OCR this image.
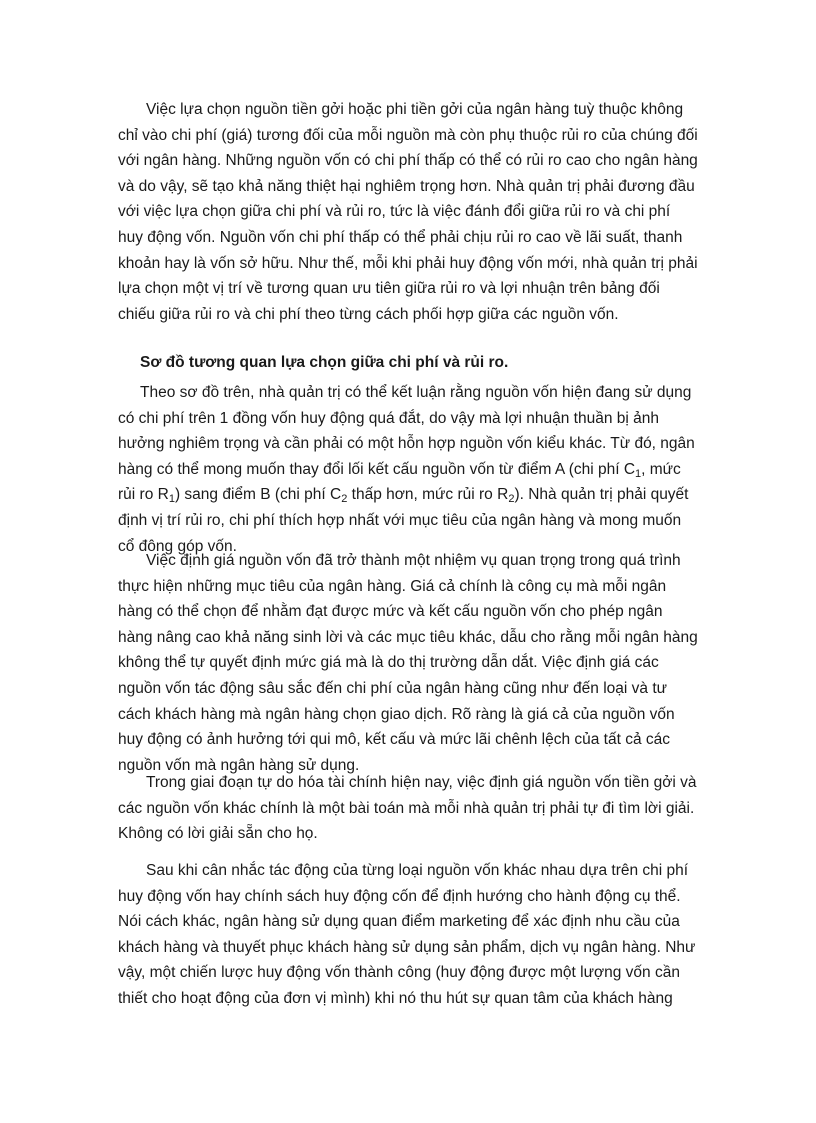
Việc lựa chọn nguồn tiền gởi hoặc phi tiền gởi của ngân hàng tuỳ thuộc không chỉ vào chi phí (giá) tương đối của mỗi nguồn mà còn phụ thuộc rủi ro của chúng đối với ngân hàng. Những nguồn vốn có chi phí thấp có thể có rủi ro cao cho ngân hàng và do vậy, sẽ tạo khả năng thiệt hại nghiêm trọng hơn. Nhà quản trị phải đương đầu với việc lựa chọn giữa chi phí và rủi ro, tức là việc đánh đổi giữa rủi ro và chi phí huy động vốn. Nguồn vốn chi phí thấp có thể phải chịu rủi ro cao về lãi suất, thanh khoản hay là vốn sở hữu. Như thế, mỗi khi phải huy động vốn mới, nhà quản trị phải lựa chọn một vị trí về tương quan ưu tiên giữa rủi ro và lợi nhuận trên bảng đối chiếu giữa rủi ro và chi phí theo từng cách phối hợp giữa các nguồn vốn.

Sơ đồ tương quan lựa chọn giữa chi phí và rủi ro.

Theo sơ đồ trên, nhà quản trị có thể kết luận rằng nguồn vốn hiện đang sử dụng có chi phí trên 1 đồng vốn huy động quá đắt, do vậy mà lợi nhuận thuần bị ảnh hưởng nghiêm trọng và cần phải có một hỗn hợp nguồn vốn kiểu khác. Từ đó, ngân hàng có thể mong muốn thay đổi lối kết cấu nguồn vốn từ điểm A (chi phí $C_1$, mức rủi ro $R_1$) sang điểm B (chi phí $C_2$ thấp hơn, mức rủi ro $R_2$). Nhà quản trị phải quyết định vị trí rủi ro, chi phí thích hợp nhất với mục tiêu của ngân hàng và mong muốn cổ đông góp vốn.

Việc định giá nguồn vốn đã trở thành một nhiệm vụ quan trọng trong quá trình thực hiện những mục tiêu của ngân hàng. Giá cả chính là công cụ mà mỗi ngân hàng có thể chọn để nhằm đạt được mức và kết cấu nguồn vốn cho phép ngân hàng nâng cao khả năng sinh lời và các mục tiêu khác, dẫu cho rằng mỗi ngân hàng không thể tự quyết định mức giá mà là do thị trường dẫn dắt. Việc định giá các nguồn vốn tác động sâu sắc đến chi phí của ngân hàng cũng như đến loại và tư cách khách hàng mà ngân hàng chọn giao dịch. Rõ ràng là giá cả của nguồn vốn huy động có ảnh hưởng tới qui mô, kết cấu và mức lãi chênh lệch của tất cả các nguồn vốn mà ngân hàng sử dụng.

Trong giai đoạn tự do hóa tài chính hiện nay, việc định giá nguồn vốn tiền gởi và các nguồn vốn khác chính là một bài toán mà mỗi nhà quản trị phải tự đi tìm lời giải. Không có lời giải sẵn cho họ.

Sau khi cân nhắc tác động của từng loại nguồn vốn khác nhau dựa trên chi phí huy động vốn hay chính sách huy động cốn để định hướng cho hành động cụ thể. Nói cách khác, ngân hàng sử dụng quan điểm marketing để xác định nhu cầu của khách hàng và thuyết phục khách hàng sử dụng sản phẩm, dịch vụ ngân hàng. Như vậy, một chiến lược huy động vốn thành công (huy động được một lượng vốn cần thiết cho hoạt động của đơn vị mình) khi nó thu hút sự quan tâm của khách hàng
